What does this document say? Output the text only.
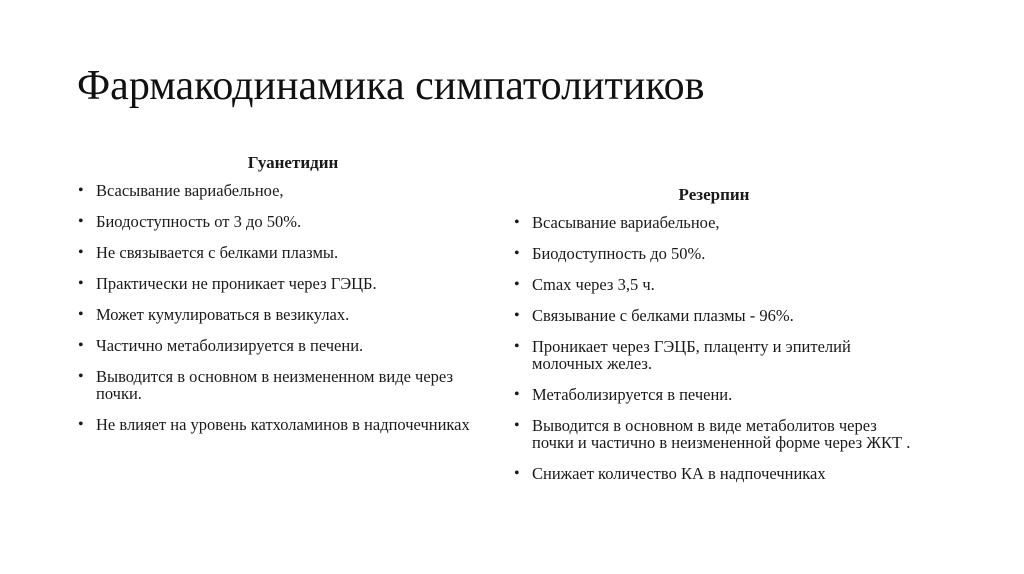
Фармакодинамика симпатолитиков
Гуанетидин
• Всасывание вариабельное,
• Биодоступность от 3 до 50%.
• Не связывается с белками плазмы.
• Практически не проникает через ГЭЦБ.
• Может кумулироваться в везикулах.
• Частично метаболизируется в печени.
• Выводится в основном в неизмененном виде через почки.
• Не влияет на уровень катхоламинов в надпочечниках
Резерпин
• Всасывание вариабельное,
• Биодоступность до 50%.
• Cmax через 3,5 ч.
• Связывание с белками плазмы - 96%.
• Проникает через ГЭЦБ, плаценту и эпителий молочных желез.
• Метаболизируется в печени.
• Выводится в основном в виде метаболитов через почки и частично в неизмененной форме через ЖКТ .
• Снижает количество КА в надпочечниках
